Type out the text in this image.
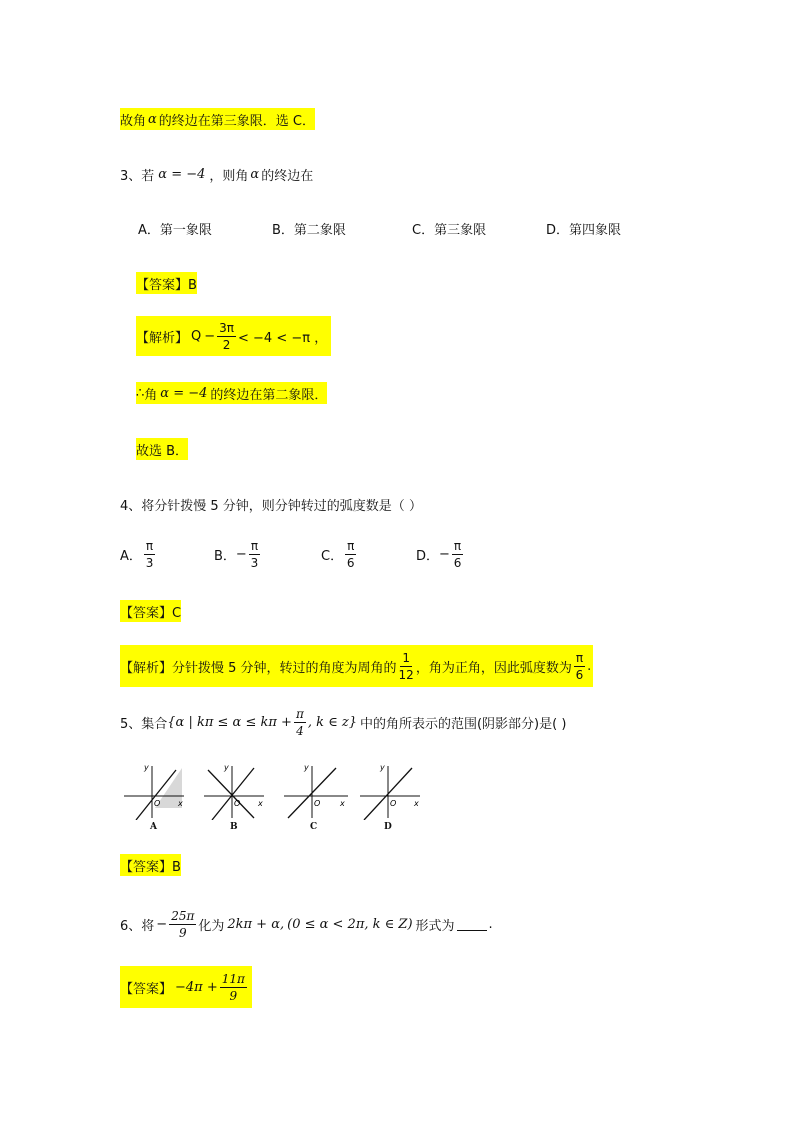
故角 α 的终边在第三象限．选 C．
3、若 α = −4 ，则角 α 的终边在
A．第一象限	B．第二象限	C．第三象限	D．第四象限
【答案】B
【解析】 $Q - \frac{3\pi}{2} < -4 < -\pi$ ，
∴ 角 α = −4 的终边在第二象限．
故选 B．
4、将分针拨慢 5 分钟，则分钟转过的弧度数是（ ）
A． $\frac{\pi}{3}$	B． − $\frac{\pi}{3}$	C． $\frac{\pi}{6}$	D． − $\frac{\pi}{6}$
【答案】C
【解析】分针拨慢 5 分钟，转过的角度为周角的 $\frac{1}{12}$ ，角为正角，因此弧度数为 $\frac{\pi}{6}$ .
5、集合 {α | $k\pi \le \alpha \le k\pi + \frac{\pi}{4}$ , k ∈ z} 中的角所表示的范围(阴影部分)是( )
y
x
O
A
y
x
O
B
y
x
O
C
y
x
O
D
【答案】B
6、将 − $\frac{25\pi}{9}$ 化为 2kπ + α, (0 ≤ α < 2π, k ∈ Z) 形式为	.
【答案】 $-4\pi + \frac{11\pi}{9}$
